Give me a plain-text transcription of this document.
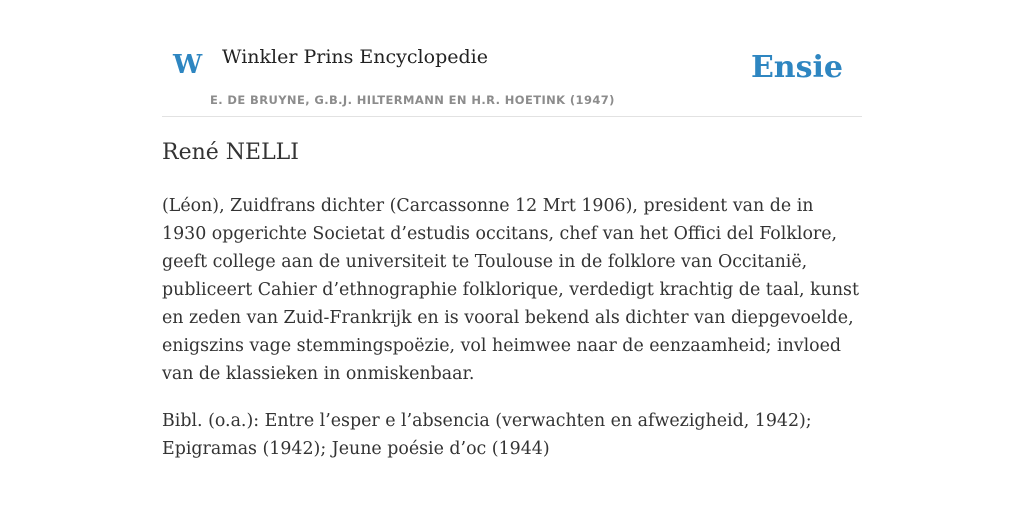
W Winkler Prins Encyclopedie
E. DE BRUYNE, G.B.J. HILTERMANN EN H.R. HOETINK (1947)
Ensie
René NELLI

(Léon), Zuidfrans dichter (Carcassonne 12 Mrt 1906), president van de in 1930 opgerichte Societat d’estudis occitans, chef van het Offici del Folklore, geeft college aan de universiteit te Toulouse in de folklore van Occitanië, publiceert Cahier d’ethnographie folklorique, verdedigt krachtig de taal, kunst en zeden van Zuid-Frankrijk en is vooral bekend als dichter van diepgevoelde, enigszins vage stemmingspoëzie, vol heimwee naar de eenzaamheid; invloed van de klassieken in onmiskenbaar.

Bibl. (o.a.): Entre l’esper e l’absencia (verwachten en afwezigheid, 1942); Epigramas (1942); Jeune poésie d’oc (1944)
